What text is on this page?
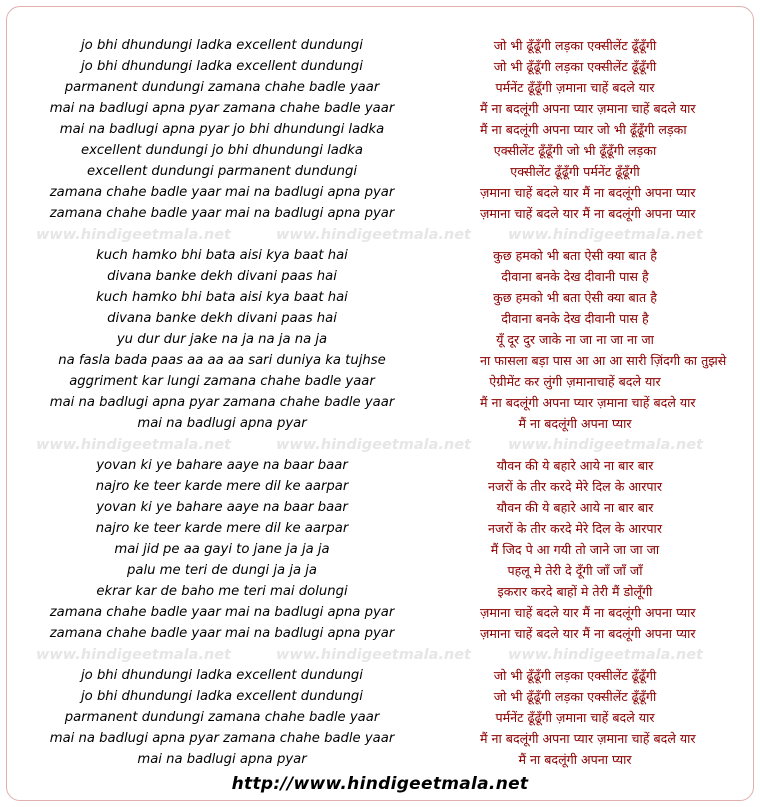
jo bhi dhundungi ladka excellent dundungi	जो भी ढूँढूँगी लड़का एक्सीलेंट ढूँढूँगी
jo bhi dhundungi ladka excellent dundungi	जो भी ढूँढूँगी लड़का एक्सीलेंट ढूँढूँगी
parmanent dundungi zamana chahe badle yaar	पर्मनेंट ढूँढूँगी ज़माना चाहें बदले यार
mai na badlugi apna pyar zamana chahe badle yaar	मैं ना बदलूंगी अपना प्यार ज़माना चाहें बदले यार
mai na badlugi apna pyar jo bhi dhundungi ladka	मैं ना बदलूंगी अपना प्यार जो भी ढूँढूँगी लड़का
excellent dundungi jo bhi dhundungi ladka	एक्सीलेंट ढूँढूँगी जो भी ढूँढूँगी लड़का
excellent dundungi parmanent dundungi	एक्सीलेंट ढूँढूँगी पर्मनेंट ढूँढूँगी
zamana chahe badle yaar mai na badlugi apna pyar	ज़माना चाहें बदले यार मैं ना बदलूंगी अपना प्यार
zamana chahe badle yaar mai na badlugi apna pyar	ज़माना चाहें बदले यार मैं ना बदलूंगी अपना प्यार
www.hindigeetmala.net	www.hindigeetmala.net	www.hindigeetmala.net
kuch hamko bhi bata aisi kya baat hai	कुछ हमको भी बता ऐसी क्या बात है
divana banke dekh divani paas hai	दीवाना बनके देख दीवानी पास है
kuch hamko bhi bata aisi kya baat hai	कुछ हमको भी बता ऐसी क्या बात है
divana banke dekh divani paas hai	दीवाना बनके देख दीवानी पास है
yu dur dur jake na ja na ja na ja	यूँ दूर दुर जाके ना जा ना जा ना जा
na fasla bada paas aa aa aa sari duniya ka tujhse	ना फासला बड़ा पास आ आ आ सारी ज़िंदगी का तुझसे
aggriment kar lungi zamana chahe badle yaar	ऐग्रीमेंट कर लुंगी ज़मानाचाहें बदले यार
mai na badlugi apna pyar zamana chahe badle yaar	मैं ना बदलूंगी अपना प्यार ज़माना चाहें बदले यार
mai na badlugi apna pyar	मैं ना बदलूंगी अपना प्यार
www.hindigeetmala.net	www.hindigeetmala.net	www.hindigeetmala.net
yovan ki ye bahare aaye na baar baar	यौवन की ये बहारे आये ना बार बार
najro ke teer karde mere dil ke aarpar	नजरों के तीर करदे मेरे दिल के आरपार
yovan ki ye bahare aaye na baar baar	यौवन की ये बहारे आये ना बार बार
najro ke teer karde mere dil ke aarpar	नजरों के तीर करदे मेरे दिल के आरपार
mai jid pe aa gayi to jane ja ja ja	मैं जिद पे आ गयी तो जाने जा जा जा
palu me teri de dungi ja ja ja	पहलू मे तेरी दे दूँगी जाँ जाँ जाँ
ekrar kar de baho me teri mai dolungi	इकरार करदे बाहों मे तेरी मैं डोलूँगी
zamana chahe badle yaar mai na badlugi apna pyar	ज़माना चाहें बदले यार मैं ना बदलूंगी अपना प्यार
zamana chahe badle yaar mai na badlugi apna pyar	ज़माना चाहें बदले यार मैं ना बदलूंगी अपना प्यार
www.hindigeetmala.net	www.hindigeetmala.net	www.hindigeetmala.net
jo bhi dhundungi ladka excellent dundungi	जो भी ढूँढूँगी लड़का एक्सीलेंट ढूँढूँगी
jo bhi dhundungi ladka excellent dundungi	जो भी ढूँढूँगी लड़का एक्सीलेंट ढूँढूँगी
parmanent dundungi zamana chahe badle yaar	पर्मनेंट ढूँढूँगी ज़माना चाहें बदले यार
mai na badlugi apna pyar zamana chahe badle yaar	मैं ना बदलूंगी अपना प्यार ज़माना चाहें बदले यार
mai na badlugi apna pyar	मैं ना बदलूंगी अपना प्यार
http://www.hindigeetmala.net
